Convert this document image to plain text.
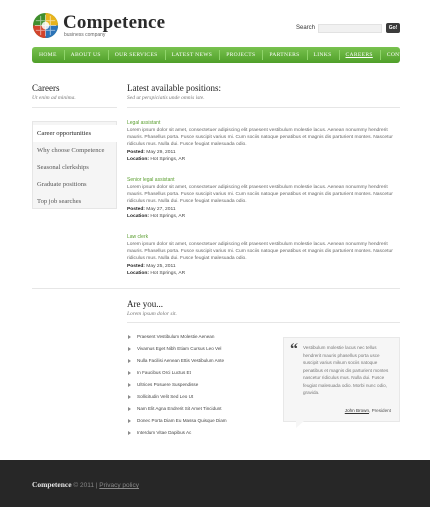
Competence
business company
Search	Go!
HOME	ABOUT US	OUR SERVICES	LATEST NEWS	PROJECTS	PARTNERS	LINKS	CAREERS	CONTACTS
Careers
Ut enim ad minima.
Career opportunities
Why choose Competence
Seasonal clerkships
Graduate positions
Top job searches
Latest available positions:
Sed ut perspiciatis unde omnis iste.
Legal assistant
Lorem ipsum dolor sit amet, consectetuer adipiscing elit praesent vestibulum molestie lacus. Aenean nonummy hendrerit mauris. Phasellus porta. Fusce suscipit varius mi. Cum sociis natoque penatibus et magnis dis parturient montes. Nascetur ridiculus mus. Nulla dui. Fusce feugiat malesuada odio.
Posted: May 29, 2011
Location: Hot Springs, AR
Senior legal assistant
Lorem ipsum dolor sit amet, consectetuer adipiscing elit praesent vestibulum molestie lacus. Aenean nonummy hendrerit mauris. Phasellus porta. Fusce suscipit varius mi. Cum sociis natoque penatibus et magnis dis parturient montes. Nascetur ridiculus mus. Nulla dui. Fusce feugiat malesuada odio.
Posted: May 27, 2011
Location: Hot Springs, AR
Law clerk
Lorem ipsum dolor sit amet, consectetuer adipiscing elit praesent vestibulum molestie lacus. Aenean nonummy hendrerit mauris. Phasellus porta. Fusce suscipit varius mi. Cum sociis natoque penatibus et magnis dis parturient montes. Nascetur ridiculus mus. Nulla dui. Fusce feugiat malesuada odio.
Posted: May 25, 2011
Location: Hot Springs, AR
Are you...
Lorem ipsum dolor sit.
Praesent Vestibulum Molestie Aenean
Vivamus Eget Nibh Etiam Cursus Leo Vel
Nulla Facilisi Aenean Ettis Vestibulum Ante
In Faucibus Orci Luctus Et
Ultrices Posuere Suspendisse
Sollicitudin Velit Sed Leo Ut
Nam Elit Agna Endrerit Sit Amet Tincidunt
Donec Porta Diam Eu Massa Quisque Diam
Interdum Vitae Dapibus Ac
“ Vestibulum molestie lacus nec tellus hendrerit mauris phasellus porta usce suscipit varius mikum sociis natoque penatibus et magnis dis parturient montes nascetur ridiculus mus. Nulla dui. Fusce feugiat malesuada odio. Morbi nunc odio, gravida.
John Brown, President
Competence © 2011 | Privacy policy
